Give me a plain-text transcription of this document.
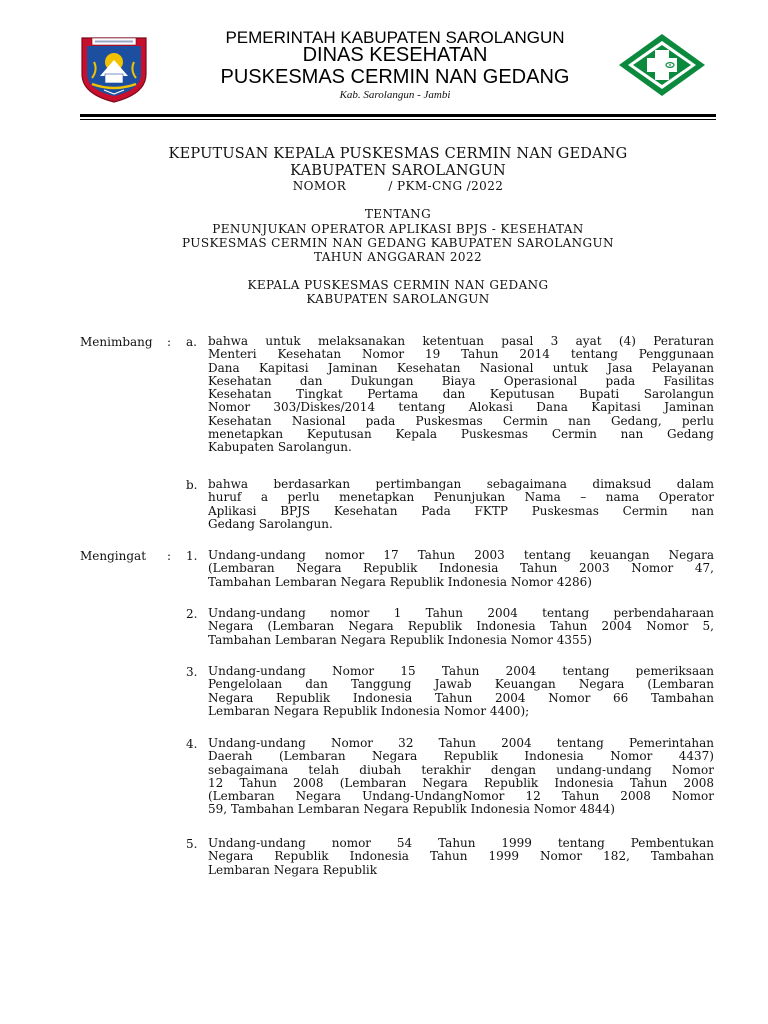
PEMERINTAH KABUPATEN SAROLANGUN
DINAS KESEHATAN
PUSKESMAS CERMIN NAN GEDANG
Kab. Sarolangun - Jambi
KEPUTUSAN KEPALA PUSKESMAS CERMIN NAN GEDANG
KABUPATEN SAROLANGUN
NOMOR          / PKM-CNG /2022
TENTANG
PENUNJUKAN OPERATOR APLIKASI BPJS - KESEHATAN
PUSKESMAS CERMIN NAN GEDANG KABUPATEN SAROLANGUN
TAHUN ANGGARAN 2022
KEPALA PUSKESMAS CERMIN NAN GEDANG
KABUPATEN SAROLANGUN
Menimbang : a. bahwa untuk melaksanakan ketentuan pasal 3 ayat (4) Peraturan
Menteri Kesehatan Nomor 19 Tahun 2014 tentang Penggunaan
Dana Kapitasi Jaminan Kesehatan Nasional untuk Jasa Pelayanan
Kesehatan dan Dukungan Biaya Operasional pada Fasilitas
Kesehatan Tingkat Pertama dan Keputusan Bupati Sarolangun
Nomor 303/Diskes/2014 tentang Alokasi Dana Kapitasi Jaminan
Kesehatan Nasional pada Puskesmas Cermin nan Gedang, perlu
menetapkan Keputusan Kepala Puskesmas Cermin nan Gedang
Kabupaten Sarolangun.
b. bahwa berdasarkan pertimbangan sebagaimana dimaksud dalam
huruf a perlu menetapkan Penunjukan Nama – nama Operator
Aplikasi BPJS Kesehatan Pada FKTP Puskesmas Cermin nan
Gedang Sarolangun.
Mengingat : 1. Undang-undang nomor 17 Tahun 2003 tentang keuangan Negara
(Lembaran Negara Republik Indonesia Tahun 2003 Nomor 47,
Tambahan Lembaran Negara Republik Indonesia Nomor 4286)
2. Undang-undang nomor 1 Tahun 2004 tentang perbendaharaan
Negara (Lembaran Negara Republik Indonesia Tahun 2004 Nomor 5,
Tambahan Lembaran Negara Republik Indonesia Nomor 4355)
3. Undang-undang Nomor 15 Tahun 2004 tentang pemeriksaan
Pengelolaan dan Tanggung Jawab Keuangan Negara (Lembaran
Negara Republik Indonesia Tahun 2004 Nomor 66 Tambahan
Lembaran Negara Republik Indonesia Nomor 4400);
4. Undang-undang Nomor 32 Tahun 2004 tentang Pemerintahan
Daerah (Lembaran Negara Republik Indonesia Nomor 4437)
sebagaimana telah diubah terakhir dengan undang-undang Nomor
12 Tahun 2008 (Lembaran Negara Republik Indonesia Tahun 2008
(Lembaran Negara Undang-UndangNomor 12 Tahun 2008 Nomor
59, Tambahan Lembaran Negara Republik Indonesia Nomor 4844)
5. Undang-undang nomor 54 Tahun 1999 tentang Pembentukan
Negara Republik Indonesia Tahun 1999 Nomor 182, Tambahan
Lembaran Negara Republik
